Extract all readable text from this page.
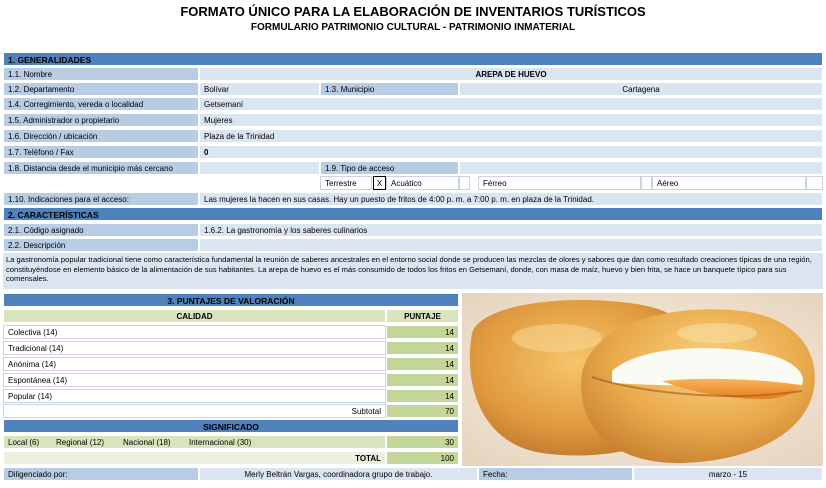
FORMATO ÚNICO PARA LA ELABORACIÓN DE INVENTARIOS TURÍSTICOS
FORMULARIO PATRIMONIO CULTURAL - PATRIMONIO INMATERIAL
1. GENERALIDADES
1.1. Nombre	AREPA DE HUEVO
1.2. Departamento	Bolívar	1.3. Municipio	Cartagena
1.4. Corregimiento, vereda o localidad	Getsemaní
1.5. Administrador o propietario	Mujeres
1.6. Dirección / ubicación	Plaza de la Trinidad
1.7. Teléfono / Fax	0
1.8. Distancia desde el municipio más cercano	1.9. Tipo de acceso
Terrestre	X	Acuático	Férreo	Aéreo
1.10. Indicaciones para el acceso:	Las mujeres la hacen en sus casas. Hay un puesto de fritos de 4:00 p. m. a 7:00 p. m. en plaza de la Trinidad.
2. CARACTERÍSTICAS
2.1. Código asignado	1.6.2. La gastronomía y los saberes culinarios
2.2. Descripción
La gastronomía popular tradicional tiene como característica fundamental la reunión de saberes ancestrales en el entorno social donde se producen las mezclas de olores y sabores que dan como resultado creaciones típicas de una región, constituyéndose en elemento básico de la alimentación de sus habitantes. La arepa de huevo es el más consumido de todos los fritos en Getsemaní, donde, con masa de maíz, huevo y bien frita, se hace un banquete típico para sus comensales.
3. PUNTAJES DE VALORACIÓN
CALIDAD	PUNTAJE
Colectiva (14)	14
Tradicional (14)	14
Anónima (14)	14
Espontánea (14)	14
Popular (14)	14
Subtotal	70
SIGNIFICADO
Local (6) Regional (12) Nacional (18) Internacional (30)	30
TOTAL	100
Diligenciado por:	Merly Beltrán Vargas, coordinadora grupo de trabajo.	Fecha:	marzo - 15
